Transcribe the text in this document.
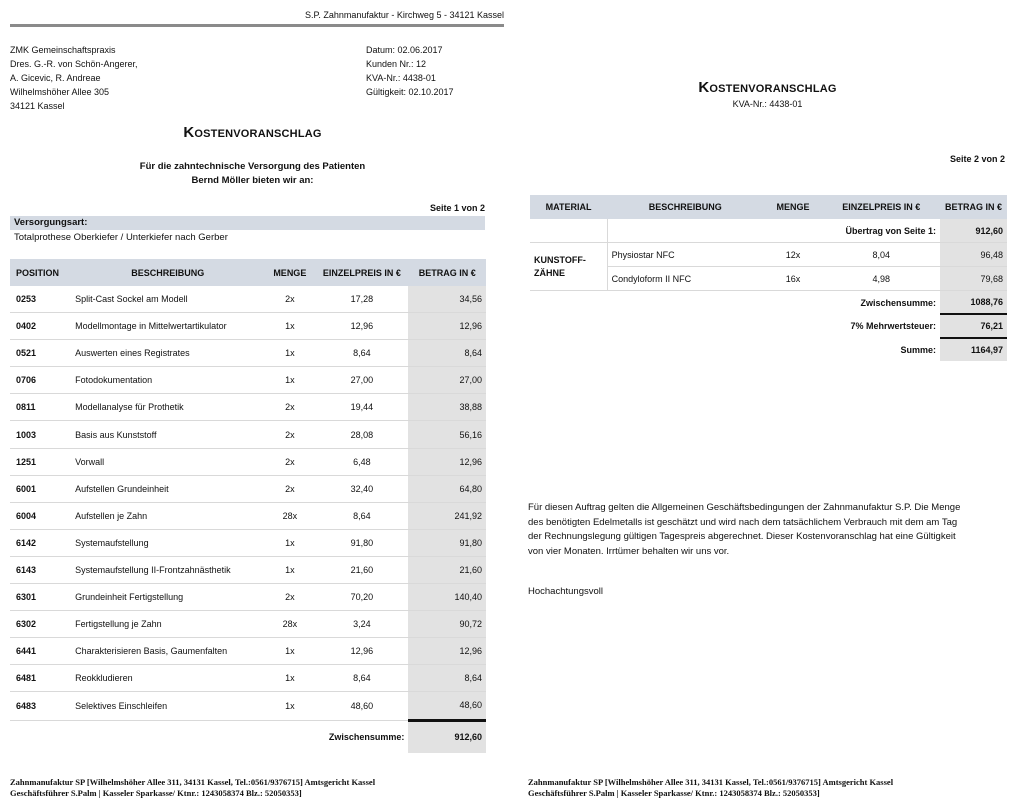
S.P. Zahnmanufaktur - Kirchweg 5 - 34121 Kassel
ZMK Gemeinschaftspraxis
Dres. G.-R. von Schön-Angerer,
A. Gicevic, R. Andreae
Wilhelmshöher Allee 305
34121 Kassel
Datum: 02.06.2017
Kunden Nr.: 12
KVA-Nr.: 4438-01
Gültigkeit: 02.10.2017
Kostenvoranschlag
Für die zahntechnische Versorgung des Patienten
Bernd Möller bieten wir an:
Seite 1 von 2
Versorgungsart:
Totalprothese Oberkiefer / Unterkiefer nach Gerber
POSITION	BESCHREIBUNG	MENGE	EINZELPREIS IN €	BETRAG IN €
0253	Split-Cast Sockel am Modell	2x	17,28	34,56
0402	Modellmontage in Mittelwertartikulator	1x	12,96	12,96
0521	Auswerten eines Registrates	1x	8,64	8,64
0706	Fotodokumentation	1x	27,00	27,00
0811	Modellanalyse für Prothetik	2x	19,44	38,88
1003	Basis aus Kunststoff	2x	28,08	56,16
1251	Vorwall	2x	6,48	12,96
6001	Aufstellen Grundeinheit	2x	32,40	64,80
6004	Aufstellen je Zahn	28x	8,64	241,92
6142	Systemaufstellung	1x	91,80	91,80
6143	Systemaufstellung II-Frontzahnästhetik	1x	21,60	21,60
6301	Grundeinheit Fertigstellung	2x	70,20	140,40
6302	Fertigstellung je Zahn	28x	3,24	90,72
6441	Charakterisieren Basis, Gaumenfalten	1x	12,96	12,96
6481	Reokkludieren	1x	8,64	8,64
6483	Selektives Einschleifen	1x	48,60	48,60
Zwischensumme:				912,60
Zahnmanufaktur SP [Wilhelmshöher Allee 311, 34131 Kassel, Tel.:0561/9376715] Amtsgericht Kassel
Geschäftsführer S.Palm | Kasseler Sparkasse/ Ktnr.: 1243058374 Blz.: 52050353]
Kostenvoranschlag
KVA-Nr.: 4438-01
Seite 2 von 2
MATERIAL	BESCHREIBUNG	MENGE	EINZELPREIS IN €	BETRAG IN €
	Übertrag von Seite 1:			912,60

KUNSTOFF-
ZÄHNE	Physiostar NFC	12x	8,04	96,48
	Condyloform II NFC	16x	4,98	79,68
Zwischensumme:				1088,76
7% Mehrwertsteuer:				76,21
Summe:				1164,97
Für diesen Auftrag gelten die Allgemeinen Geschäftsbedingungen der Zahnmanufaktur S.P. Die Menge des benötigten Edelmetalls ist geschätzt und wird nach dem tatsächlichem Verbrauch mit dem am Tag der Rechnungslegung gültigen Tagespreis abgerechnet. Dieser Kostenvoranschlag hat eine Gültigkeit von vier Monaten. Irrtümer behalten wir uns vor.
Hochachtungsvoll
Zahnmanufaktur SP [Wilhelmshöher Allee 311, 34131 Kassel, Tel.:0561/9376715] Amtsgericht Kassel
Geschäftsführer S.Palm | Kasseler Sparkasse/ Ktnr.: 1243058374 Blz.: 52050353]
